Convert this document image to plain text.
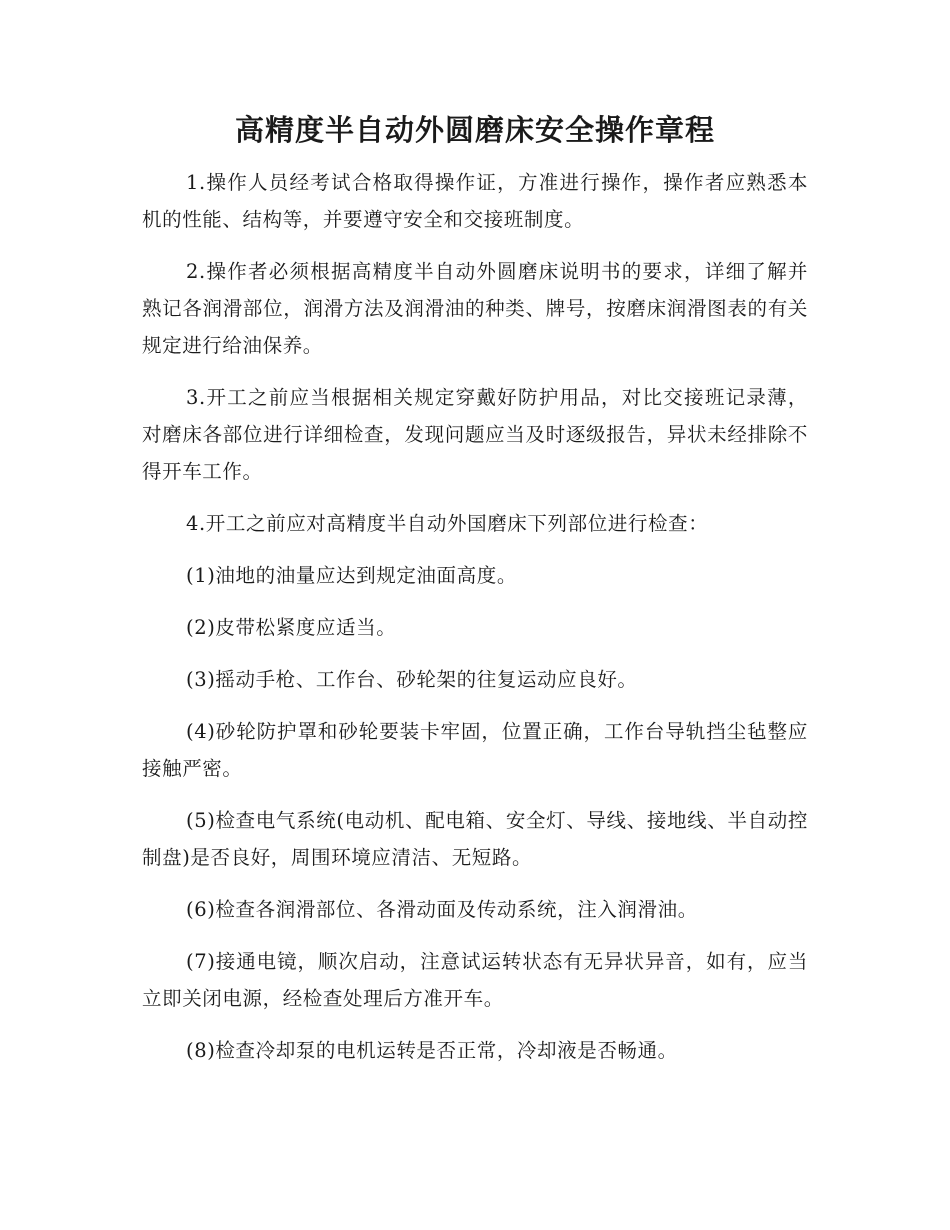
高精度半自动外圆磨床安全操作章程

1.操作人员经考试合格取得操作证，方准进行操作，操作者应熟悉本机的性能、结构等，并要遵守安全和交接班制度。

2.操作者必须根据高精度半自动外圆磨床说明书的要求，详细了解并熟记各润滑部位，润滑方法及润滑油的种类、牌号，按磨床润滑图表的有关规定进行给油保养。

3.开工之前应当根据相关规定穿戴好防护用品，对比交接班记录薄，对磨床各部位进行详细检查，发现问题应当及时逐级报告，异状未经排除不得开车工作。

4.开工之前应对高精度半自动外国磨床下列部位进行检查：

(1)油地的油量应达到规定油面高度。

(2)皮带松紧度应适当。

(3)摇动手枪、工作台、砂轮架的往复运动应良好。

(4)砂轮防护罩和砂轮要装卡牢固，位置正确，工作台导轨挡尘毡整应接触严密。

(5)检查电气系统(电动机、配电箱、安全灯、导线、接地线、半自动控制盘)是否良好，周围环境应清洁、无短路。

(6)检查各润滑部位、各滑动面及传动系统，注入润滑油。

(7)接通电镜，顺次启动，注意试运转状态有无异状异音，如有，应当立即关闭电源，经检查处理后方准开车。

(8)检查冷却泵的电机运转是否正常，冷却液是否畅通。
